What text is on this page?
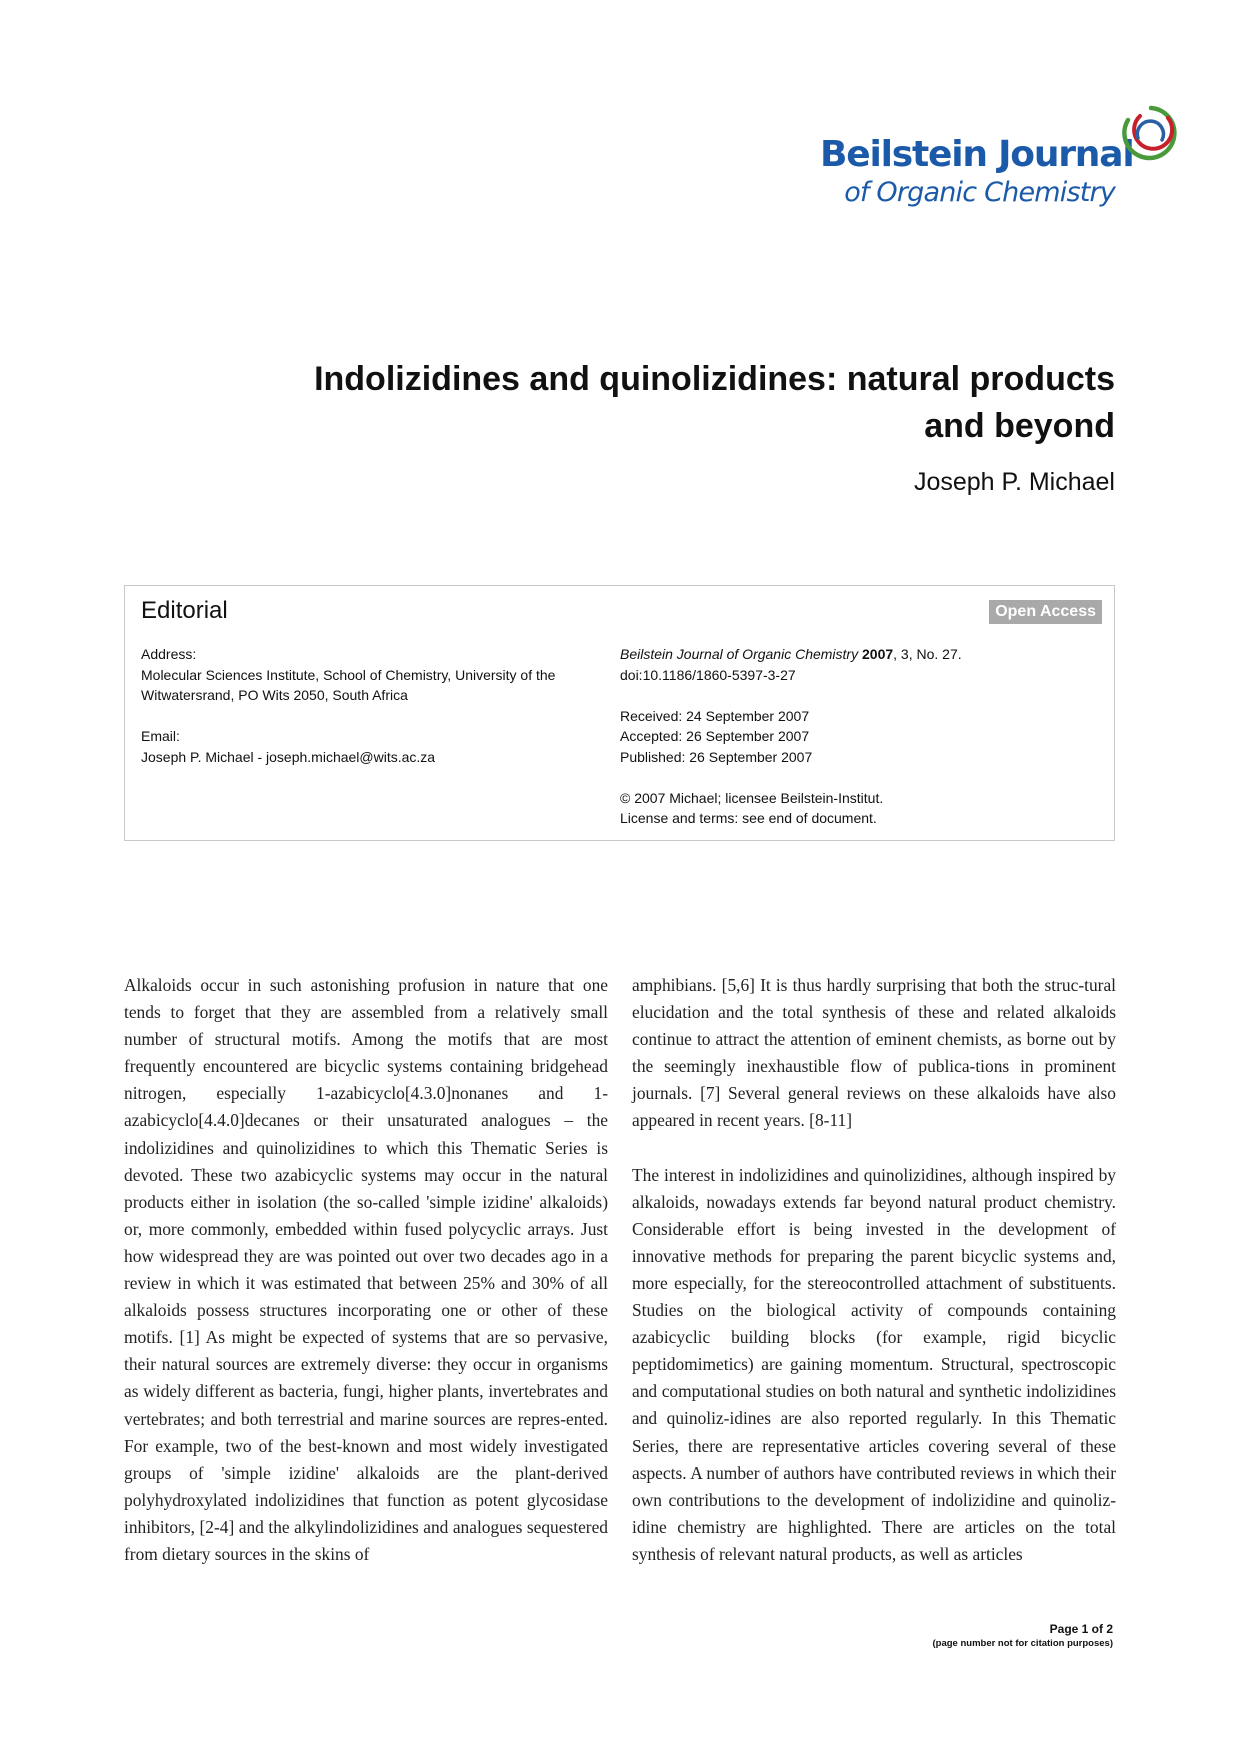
Beilstein Journal
of Organic Chemistry
Indolizidines and quinolizidines: natural products
and beyond
Joseph P. Michael
Editorial	Open Access
Address:
Molecular Sciences Institute, School of Chemistry, University of the
Witwatersrand, PO Wits 2050, South Africa
Email:
Joseph P. Michael - joseph.michael@wits.ac.za
Beilstein Journal of Organic Chemistry 2007, 3, No. 27.
doi:10.1186/1860-5397-3-27
Received: 24 September 2007
Accepted: 26 September 2007
Published: 26 September 2007
© 2007 Michael; licensee Beilstein-Institut.
License and terms: see end of document.

Alkaloids occur in such astonishing profusion in nature that one tends to forget that they are assembled from a relatively small number of structural motifs. Among the motifs that are most frequently encountered are bicyclic systems containing bridgehead nitrogen, especially 1-azabicyclo[4.3.0]nonanes and 1-azabicyclo[4.4.0]decanes or their unsaturated analogues – the indolizidines and quinolizidines to which this Thematic Series is devoted. These two azabicyclic systems may occur in the natural products either in isolation (the so-called 'simple izidine' alkaloids) or, more commonly, embedded within fused polycyclic arrays. Just how widespread they are was pointed out over two decades ago in a review in which it was estimated that between 25% and 30% of all alkaloids possess structures incorporating one or other of these motifs. [1] As might be expected of systems that are so pervasive, their natural sources are extremely diverse: they occur in organisms as widely different as bacteria, fungi, higher plants, invertebrates and vertebrates; and both terrestrial and marine sources are repres-ented. For example, two of the best-known and most widely investigated groups of 'simple izidine' alkaloids are the plant-derived polyhydroxylated indolizidines that function as potent glycosidase inhibitors, [2-4] and the alkylindolizidines and analogues sequestered from dietary sources in the skins of

amphibians. [5,6] It is thus hardly surprising that both the struc-tural elucidation and the total synthesis of these and related alkaloids continue to attract the attention of eminent chemists, as borne out by the seemingly inexhaustible flow of publica-tions in prominent journals. [7] Several general reviews on these alkaloids have also appeared in recent years. [8-11]

The interest in indolizidines and quinolizidines, although inspired by alkaloids, nowadays extends far beyond natural product chemistry. Considerable effort is being invested in the development of innovative methods for preparing the parent bicyclic systems and, more especially, for the stereocontrolled attachment of substituents. Studies on the biological activity of compounds containing azabicyclic building blocks (for example, rigid bicyclic peptidomimetics) are gaining momentum. Structural, spectroscopic and computational studies on both natural and synthetic indolizidines and quinoliz-idines are also reported regularly. In this Thematic Series, there are representative articles covering several of these aspects. A number of authors have contributed reviews in which their own contributions to the development of indolizidine and quinoliz-idine chemistry are highlighted. There are articles on the total synthesis of relevant natural products, as well as articles

Page 1 of 2
(page number not for citation purposes)
